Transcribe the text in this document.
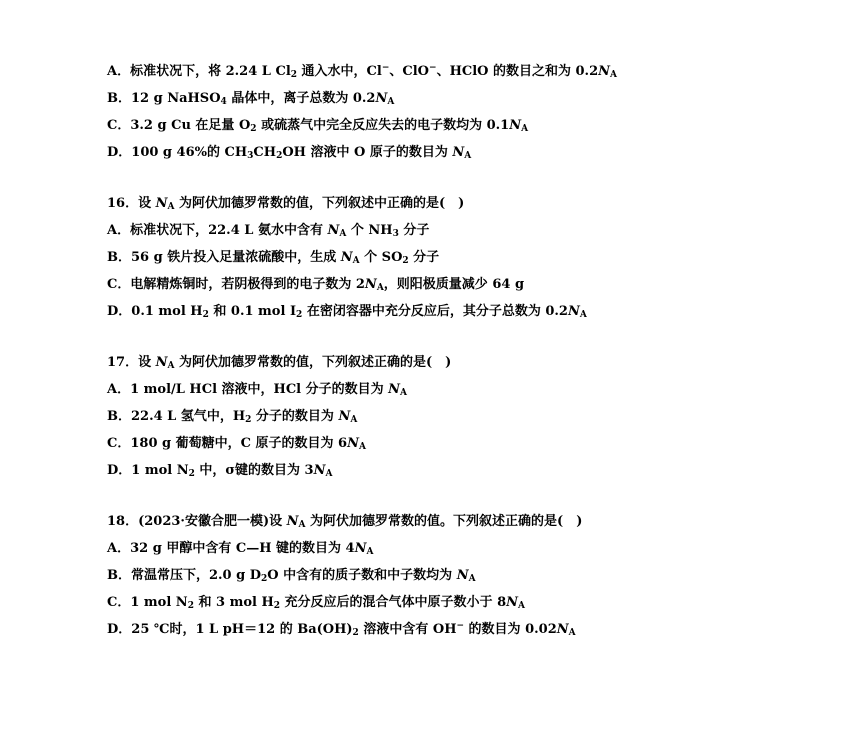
A．标准状况下，将 2.24 L $Cl_2$ 通入水中，Cl−、ClO−、HClO 的数目之和为 $0.2N_A$
B．12 g NaHSO$_4$ 晶体中，离子总数为 $0.2N_A$
C．3.2 g Cu 在足量 $O_2$ 或硫蒸气中完全反应失去的电子数均为 $0.1N_A$
D．100 g 46%的 $CH_3CH_2OH$ 溶液中 O 原子的数目为 $N_A$
16．设 $N_A$ 为阿伏加德罗常数的值，下列叙述中正确的是(　)
A．标准状况下，22.4 L 氨水中含有 $N_A$ 个 $NH_3$ 分子
B．56 g 铁片投入足量浓硫酸中，生成 $N_A$ 个 $SO_2$ 分子
C．电解精炼铜时，若阴极得到的电子数为 $2N_A$，则阳极质量减少 64 g
D．0.1 mol $H_2$ 和 0.1 mol $I_2$ 在密闭容器中充分反应后，其分子总数为 $0.2N_A$
17．设 $N_A$ 为阿伏加德罗常数的值，下列叙述正确的是(　)
A．1 mol/L HCl 溶液中，HCl 分子的数目为 $N_A$
B．22.4 L 氢气中，$H_2$ 分子的数目为 $N_A$
C．180 g 葡萄糖中，C 原子的数目为 $6N_A$
D．1 mol $N_2$ 中，σ键的数目为 $3N_A$
18．(2023·安徽合肥一模)设 $N_A$ 为阿伏加德罗常数的值。下列叙述正确的是(　)
A．32 g 甲醇中含有 C—H 键的数目为 $4N_A$
B．常温常压下，2.0 g $D_2O$ 中含有的质子数和中子数均为 $N_A$
C．1 mol $N_2$ 和 3 mol $H_2$ 充分反应后的混合气体中原子数小于 $8N_A$
D．25 ℃时，1 L pH＝12 的 $Ba(OH)_2$ 溶液中含有 OH− 的数目为 $0.02N_A$
